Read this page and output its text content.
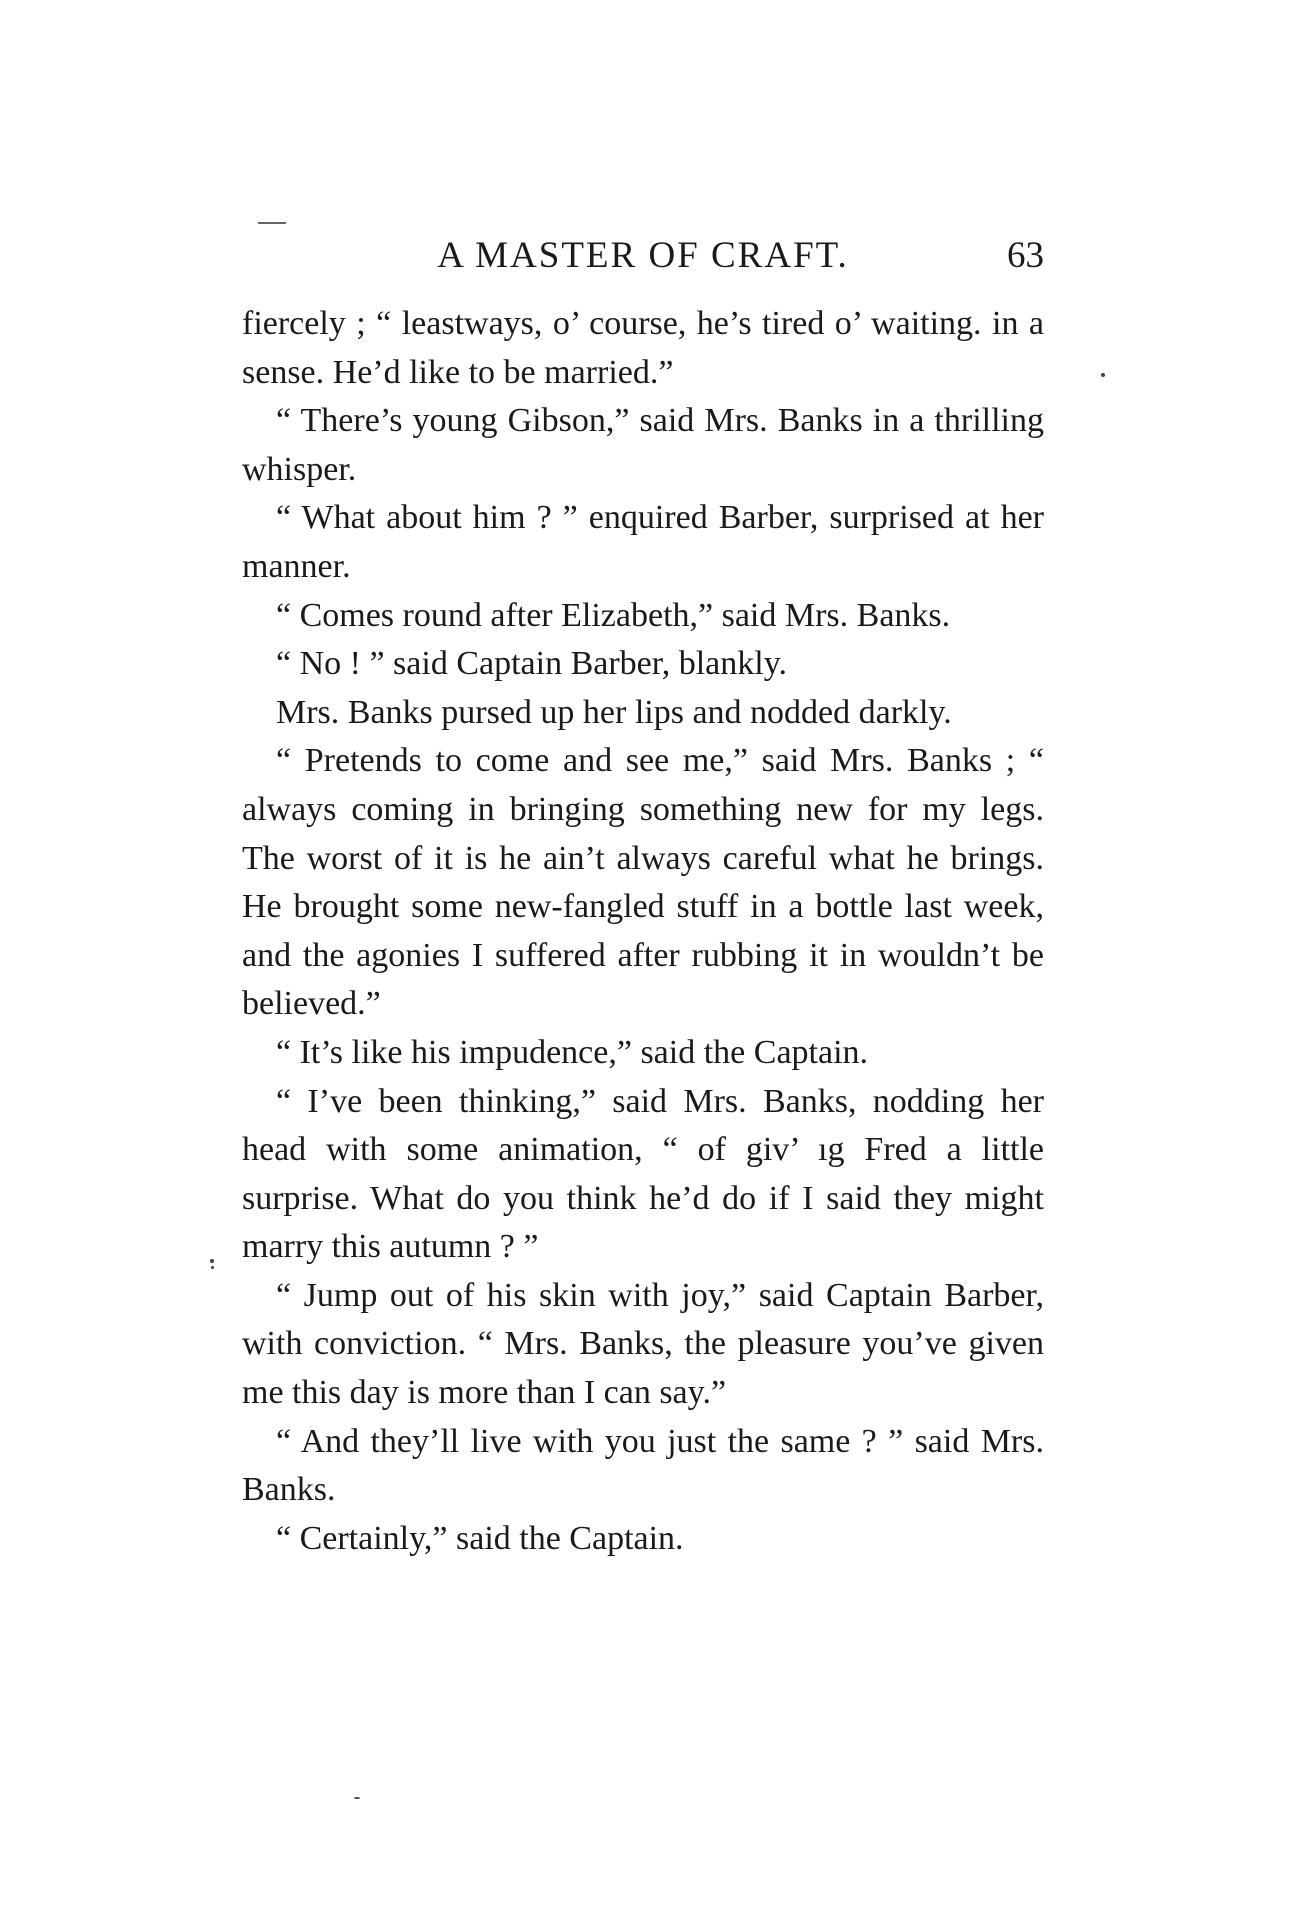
A MASTER OF CRAFT.	63

fiercely ; “ leastways, o’ course, he’s tired o’ waiting. in a sense. He’d like to be married.”

“ There’s young Gibson,” said Mrs. Banks in a thrilling whisper.

“ What about him ? ” enquired Barber, surprised at her manner.

“ Comes round after Elizabeth,” said Mrs. Banks.

“ No ! ” said Captain Barber, blankly.

Mrs. Banks pursed up her lips and nodded darkly.

“ Pretends to come and see me,” said Mrs. Banks ; “ always coming in bringing something new for my legs. The worst of it is he ain’t always careful what he brings. He brought some new-fangled stuff in a bottle last week, and the agonies I suffered after rubbing it in wouldn’t be believed.”

“ It’s like his impudence,” said the Captain.

“ I’ve been thinking,” said Mrs. Banks, nodding her head with some animation, “ of giv’ ıg Fred a little surprise. What do you think he’d do if I said they might marry this autumn ? ”

“ Jump out of his skin with joy,” said Captain Barber, with conviction. “ Mrs. Banks, the pleasure you’ve given me this day is more than I can say.”

“ And they’ll live with you just the same ? ” said Mrs. Banks.

“ Certainly,” said the Captain.
